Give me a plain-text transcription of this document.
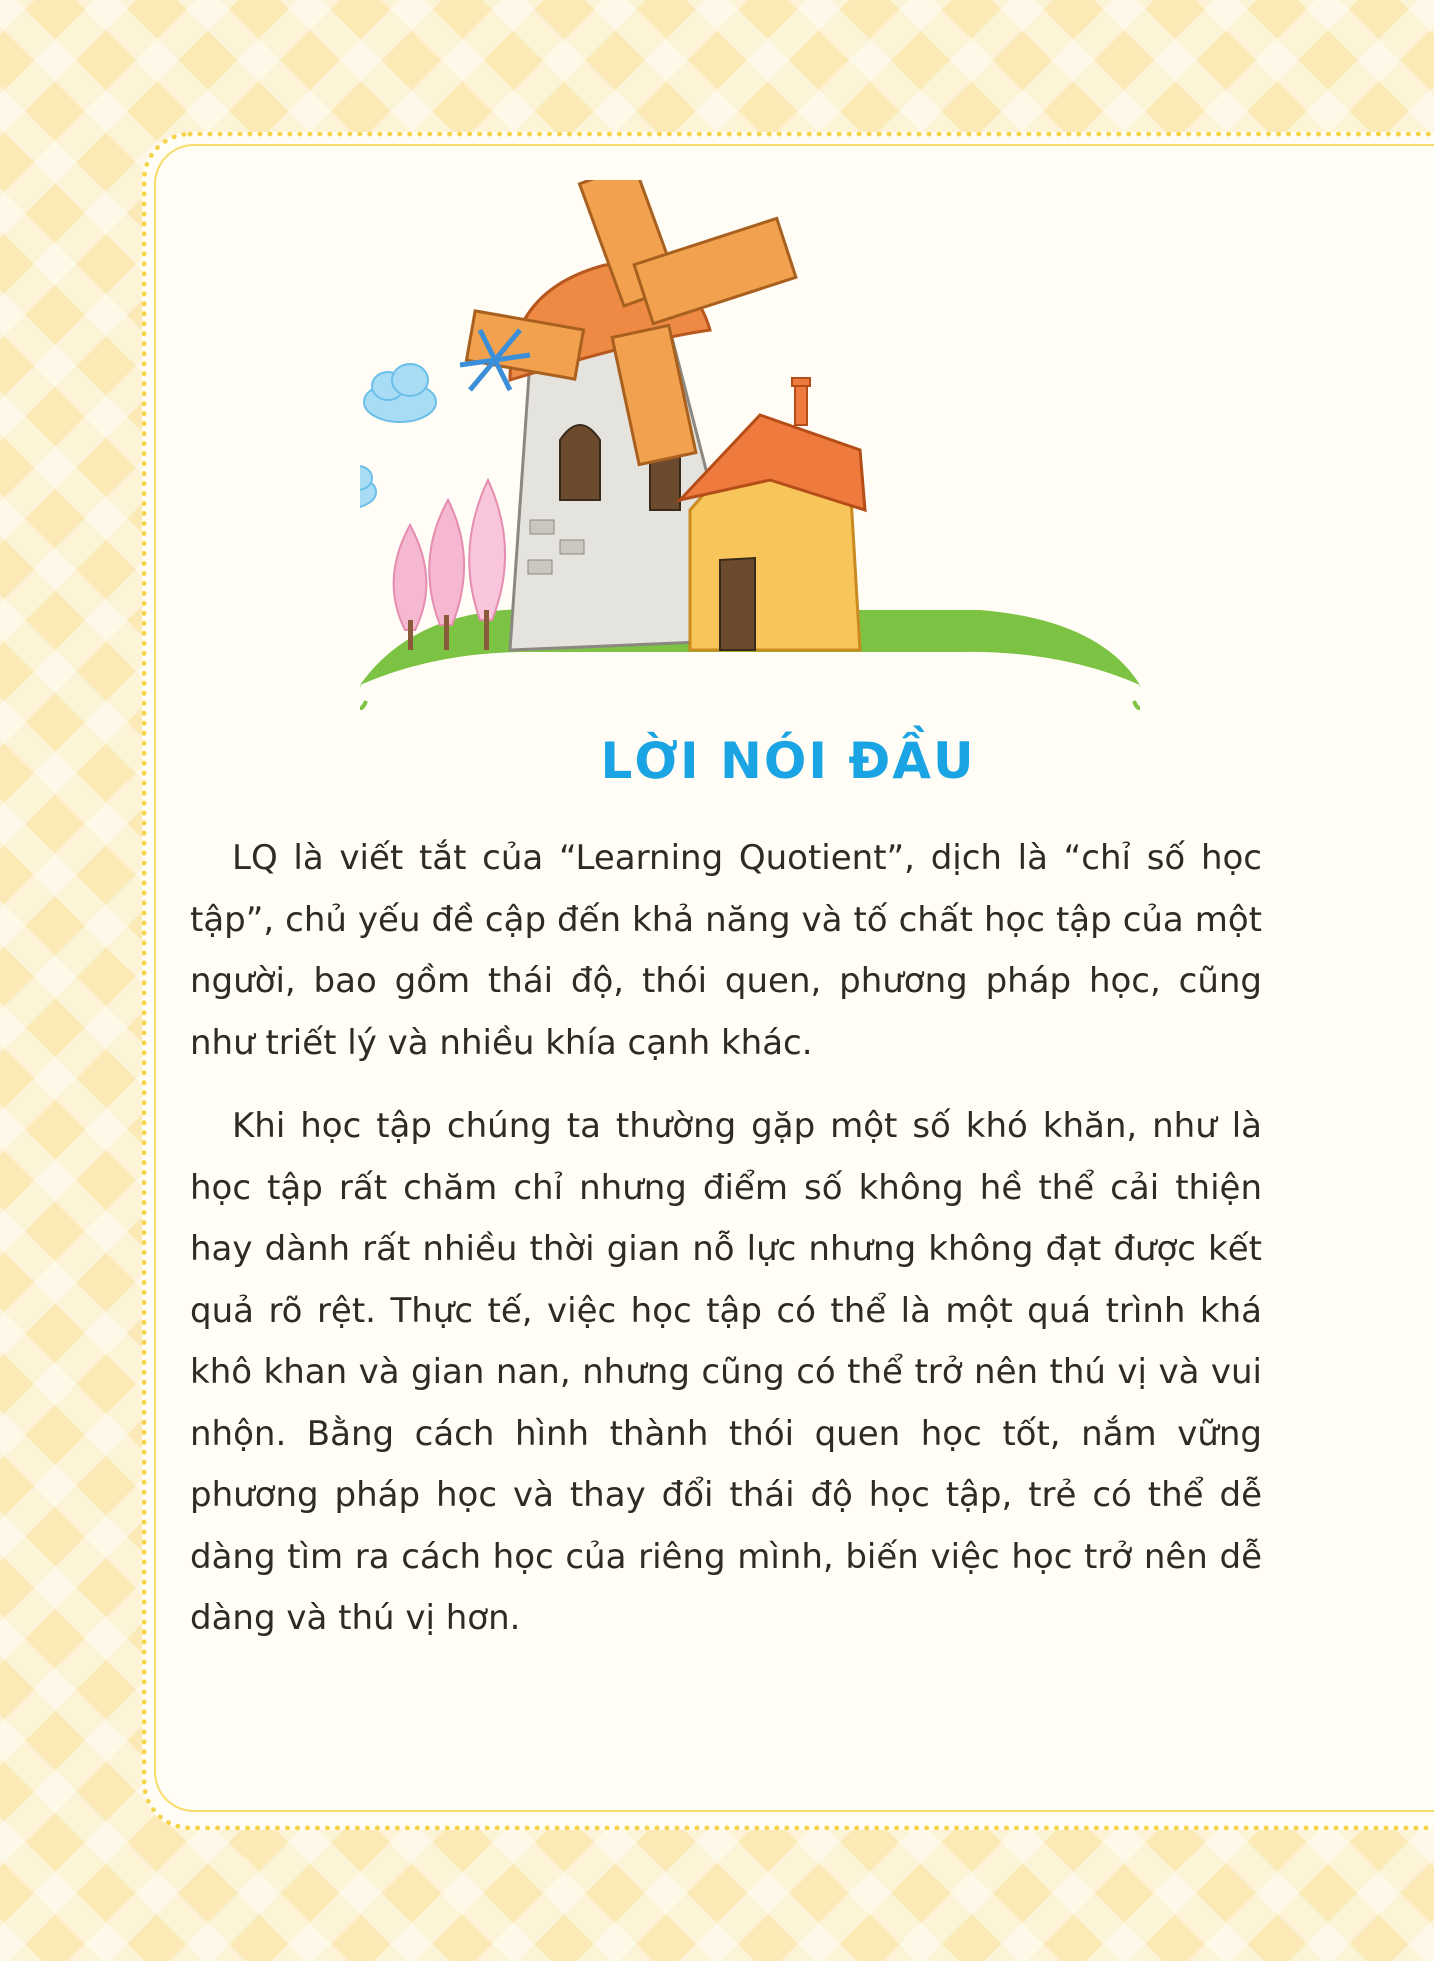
LỜI NÓI ĐẦU

LQ là viết tắt của “Learning Quotient”, dịch là “chỉ số học tập”, chủ yếu đề cập đến khả năng và tố chất học tập của một người, bao gồm thái độ, thói quen, phương pháp học, cũng như triết lý và nhiều khía cạnh khác.

Khi học tập chúng ta thường gặp một số khó khăn, như là học tập rất chăm chỉ nhưng điểm số không hề thể cải thiện hay dành rất nhiều thời gian nỗ lực nhưng không đạt được kết quả rõ rệt. Thực tế, việc học tập có thể là một quá trình khá khô khan và gian nan, nhưng cũng có thể trở nên thú vị và vui nhộn. Bằng cách hình thành thói quen học tốt, nắm vững phương pháp học và thay đổi thái độ học tập, trẻ có thể dễ dàng tìm ra cách học của riêng mình, biến việc học trở nên dễ dàng và thú vị hơn.
